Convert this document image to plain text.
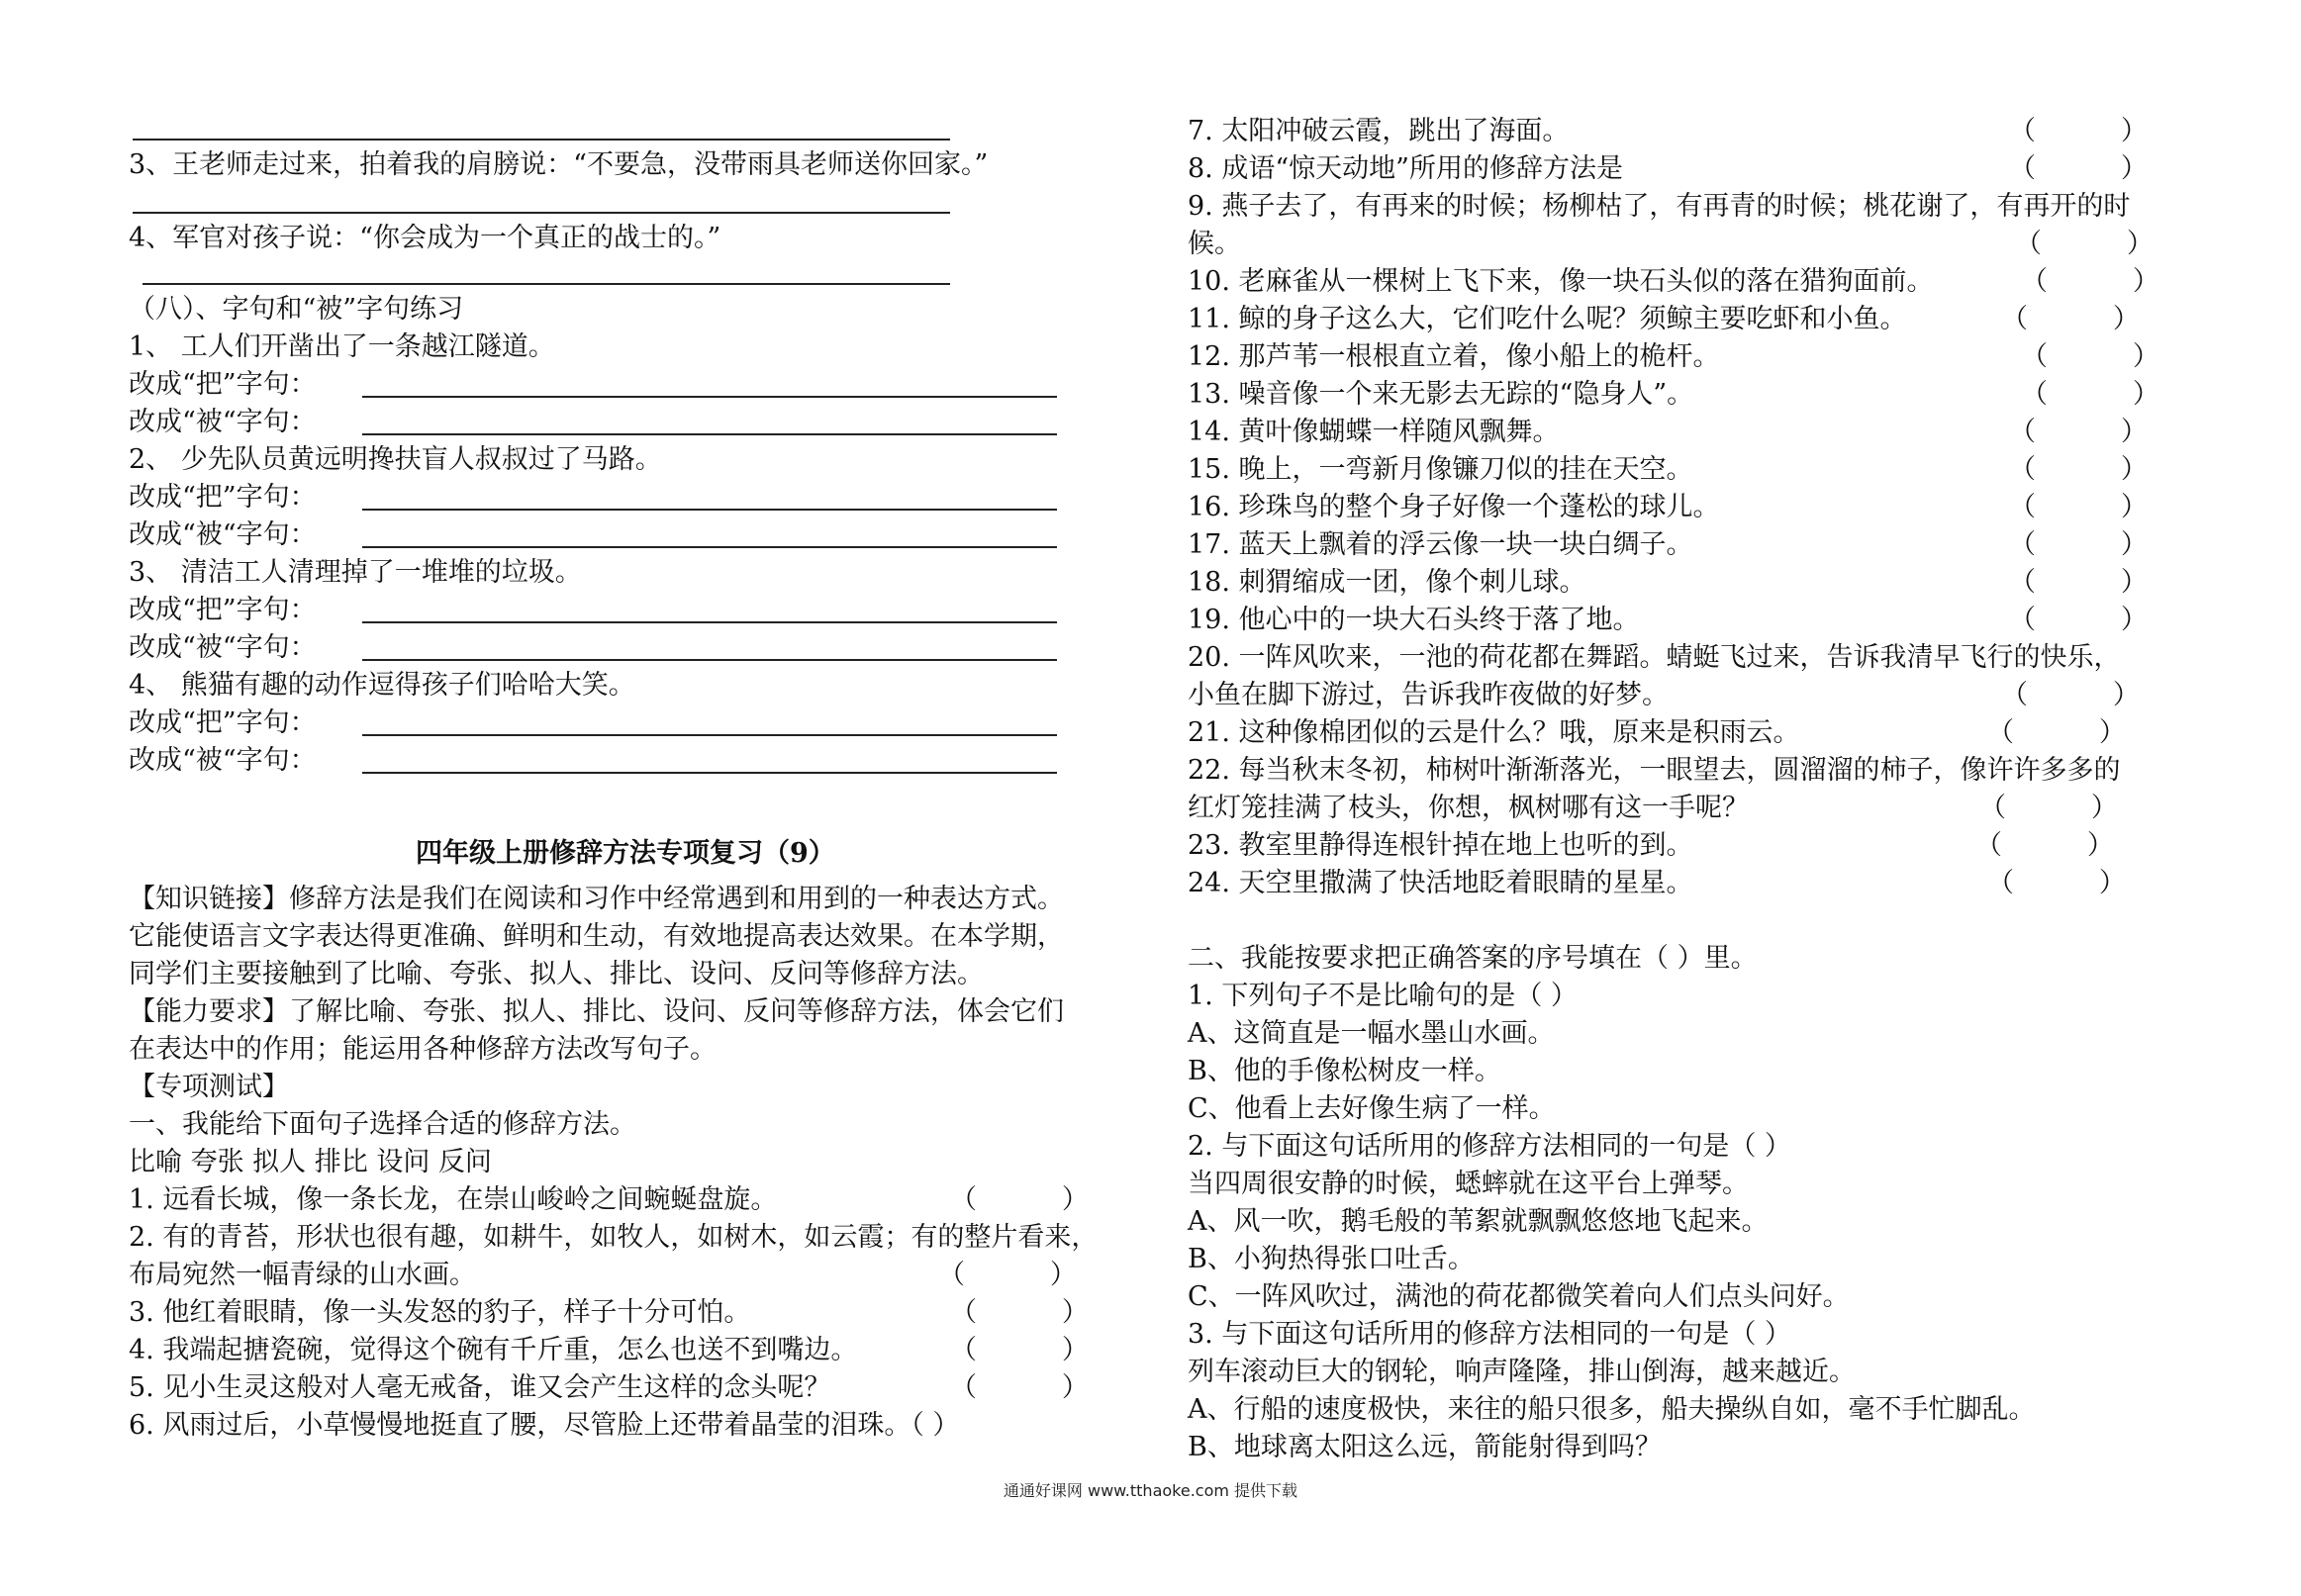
3、王老师走过来，拍着我的肩膀说：“不要急，没带雨具老师送你回家。”
4、军官对孩子说：“你会成为一个真正的战士的。”
（八）、字句和“被”字句练习
1、 工人们开凿出了一条越江隧道。
改成“把”字句：
改成“被“字句：
2、 少先队员黄远明搀扶盲人叔叔过了马路。
改成“把”字句：
改成“被“字句：
3、 清洁工人清理掉了一堆堆的垃圾。
改成“把”字句：
改成“被“字句：
4、 熊猫有趣的动作逗得孩子们哈哈大笑。
改成“把”字句：
改成“被“字句：
四年级上册修辞方法专项复习（9）
【知识链接】修辞方法是我们在阅读和习作中经常遇到和用到的一种表达方式。
它能使语言文字表达得更准确、鲜明和生动，有效地提高表达效果。在本学期，
同学们主要接触到了比喻、夸张、拟人、排比、设问、反问等修辞方法。
【能力要求】了解比喻、夸张、拟人、排比、设问、反问等修辞方法，体会它们
在表达中的作用；能运用各种修辞方法改写句子。
【专项测试】
一、我能给下面句子选择合适的修辞方法。
比喻 夸张 拟人 排比 设问 反问
1. 远看长城，像一条长龙，在崇山峻岭之间蜿蜒盘旋。
2. 有的青苔，形状也很有趣，如耕牛，如牧人，如树木，如云霞；有的整片看来，
布局宛然一幅青绿的山水画。
3. 他红着眼睛，像一头发怒的豹子，样子十分可怕。
4. 我端起搪瓷碗，觉得这个碗有千斤重，怎么也送不到嘴边。
5. 见小生灵这般对人毫无戒备，谁又会产生这样的念头呢？
6. 风雨过后，小草慢慢地挺直了腰，尽管脸上还带着晶莹的泪珠。（ ）
（          ）
（          ）
（          ）
（          ）
（          ）
7. 太阳冲破云霞，跳出了海面。
8. 成语“惊天动地”所用的修辞方法是
9. 燕子去了，有再来的时候；杨柳枯了，有再青的时候；桃花谢了，有再开的时
候。
10. 老麻雀从一棵树上飞下来，像一块石头似的落在猎狗面前。
11. 鲸的身子这么大，它们吃什么呢？须鲸主要吃虾和小鱼。
12. 那芦苇一根根直立着，像小船上的桅杆。
13. 噪音像一个来无影去无踪的“隐身人”。
14. 黄叶像蝴蝶一样随风飘舞。
15. 晚上，一弯新月像镰刀似的挂在天空。
16. 珍珠鸟的整个身子好像一个蓬松的球儿。
17. 蓝天上飘着的浮云像一块一块白绸子。
18. 刺猬缩成一团，像个刺儿球。
19. 他心中的一块大石头终于落了地。
20. 一阵风吹来，一池的荷花都在舞蹈。蜻蜓飞过来，告诉我清早飞行的快乐，
小鱼在脚下游过，告诉我昨夜做的好梦。
21. 这种像棉团似的云是什么？哦，原来是积雨云。
22. 每当秋末冬初，柿树叶渐渐落光，一眼望去，圆溜溜的柿子，像许许多多的
红灯笼挂满了枝头，你想，枫树哪有这一手呢？
23. 教室里静得连根针掉在地上也听的到。
24. 天空里撒满了快活地眨着眼睛的星星。
二、我能按要求把正确答案的序号填在（ ）里。
1. 下列句子不是比喻句的是（ ）
A、这简直是一幅水墨山水画。
B、他的手像松树皮一样。
C、他看上去好像生病了一样。
2. 与下面这句话所用的修辞方法相同的一句是（ ）
当四周很安静的时候，蟋蟀就在这平台上弹琴。
A、风一吹，鹅毛般的苇絮就飘飘悠悠地飞起来。
B、小狗热得张口吐舌。
C、一阵风吹过，满池的荷花都微笑着向人们点头问好。
3. 与下面这句话所用的修辞方法相同的一句是（ ）
列车滚动巨大的钢轮，响声隆隆，排山倒海，越来越近。
A、行船的速度极快，来往的船只很多，船夫操纵自如，毫不手忙脚乱。
B、地球离太阳这么远，箭能射得到吗？
（          ）
（          ）
（          ）
（          ）
（          ）
（          ）
（          ）
（          ）
（          ）
（          ）
（          ）
（          ）
（          ）
（          ）
（          ）
（          ）
（          ）
（          ）
通通好课网 www.tthaoke.com 提供下载
